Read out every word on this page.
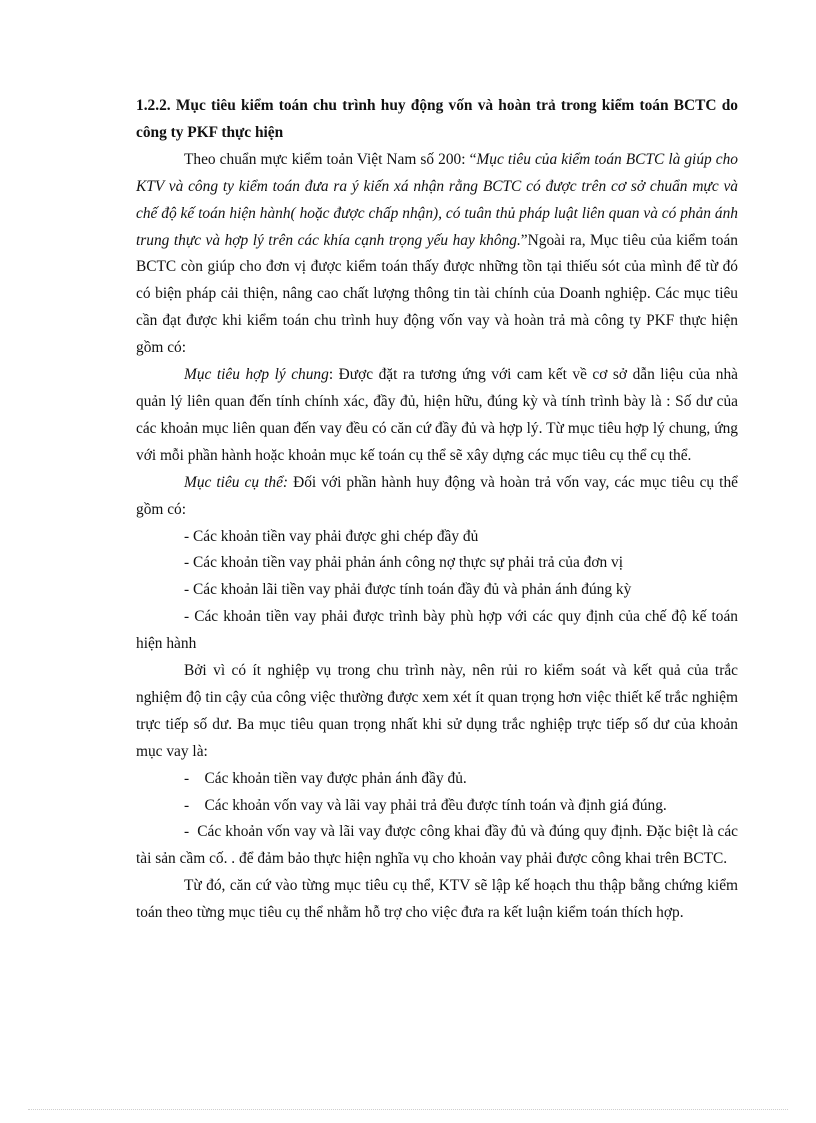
1.2.2. Mục tiêu kiểm toán chu trình huy động vốn và hoàn trả trong kiểm toán BCTC do công ty PKF thực hiện

Theo chuẩn mực kiểm toản Việt Nam số 200: “Mục tiêu của kiểm toán BCTC là giúp cho KTV và công ty kiểm toán đưa ra ý kiến xá nhận rằng BCTC có được trên cơ sở chuẩn mực và chế độ kế toán hiện hành( hoặc được chấp nhận), có tuân thủ pháp luật liên quan và có phản ánh trung thực và hợp lý trên các khía cạnh trọng yếu hay không.”Ngoài ra, Mục tiêu của kiểm toán BCTC còn giúp cho đơn vị được kiểm toán thấy được những tồn tại thiếu sót của mình để từ đó có biện pháp cải thiện, nâng cao chất lượng thông tin tài chính của Doanh nghiệp. Các mục tiêu cần đạt được khi kiểm toán chu trình huy động vốn vay và hoàn trả mà công ty PKF thực hiện gồm có:

Mục tiêu hợp lý chung: Được đặt ra tương ứng với cam kết về cơ sở dẫn liệu của nhà quản lý liên quan đến tính chính xác, đầy đủ, hiện hữu, đúng kỳ và tính trình bày là : Số dư của các khoản mục liên quan đến vay đều có căn cứ đầy đủ và hợp lý. Từ mục tiêu hợp lý chung, ứng với mỗi phần hành hoặc khoản mục kế toán cụ thể sẽ xây dựng các mục tiêu cụ thể cụ thể.

Mục tiêu cụ thể: Đối với phần hành huy động và hoàn trả vốn vay, các mục tiêu cụ thể gồm có:

- Các khoản tiền vay phải được ghi chép đầy đủ

- Các khoản tiền vay phải phản ánh công nợ thực sự phải trả của đơn vị

- Các khoản lãi tiền vay phải được tính toán đầy đủ và phản ánh đúng kỳ

- Các khoản tiền vay phải được trình bày phù hợp với các quy định của chế độ kế toán hiện hành

Bởi vì có ít nghiệp vụ trong chu trình này, nên rủi ro kiểm soát và kết quả của trắc nghiệm độ tin cậy của công việc thường được xem xét ít quan trọng hơn việc thiết kế trắc nghiệm trực tiếp số dư. Ba mục tiêu quan trọng nhất khi sử dụng trắc nghiệp trực tiếp số dư của khoản mục vay là:

-    Các khoản tiền vay được phản ánh đầy đủ.

-    Các khoản vốn vay và lãi vay phải trả đều được tính toán và định giá đúng.

-  Các khoản vốn vay và lãi vay được công khai đầy đủ và đúng quy định. Đặc biệt là các tài sản cầm cố. . để đảm bảo thực hiện nghĩa vụ cho khoản vay phải được công khai trên BCTC.

Từ đó, căn cứ vào từng mục tiêu cụ thể, KTV sẽ lập kế hoạch thu thập bằng chứng kiểm toán theo từng mục tiêu cụ thể nhằm hỗ trợ cho việc đưa ra kết luận kiểm toán thích hợp.
